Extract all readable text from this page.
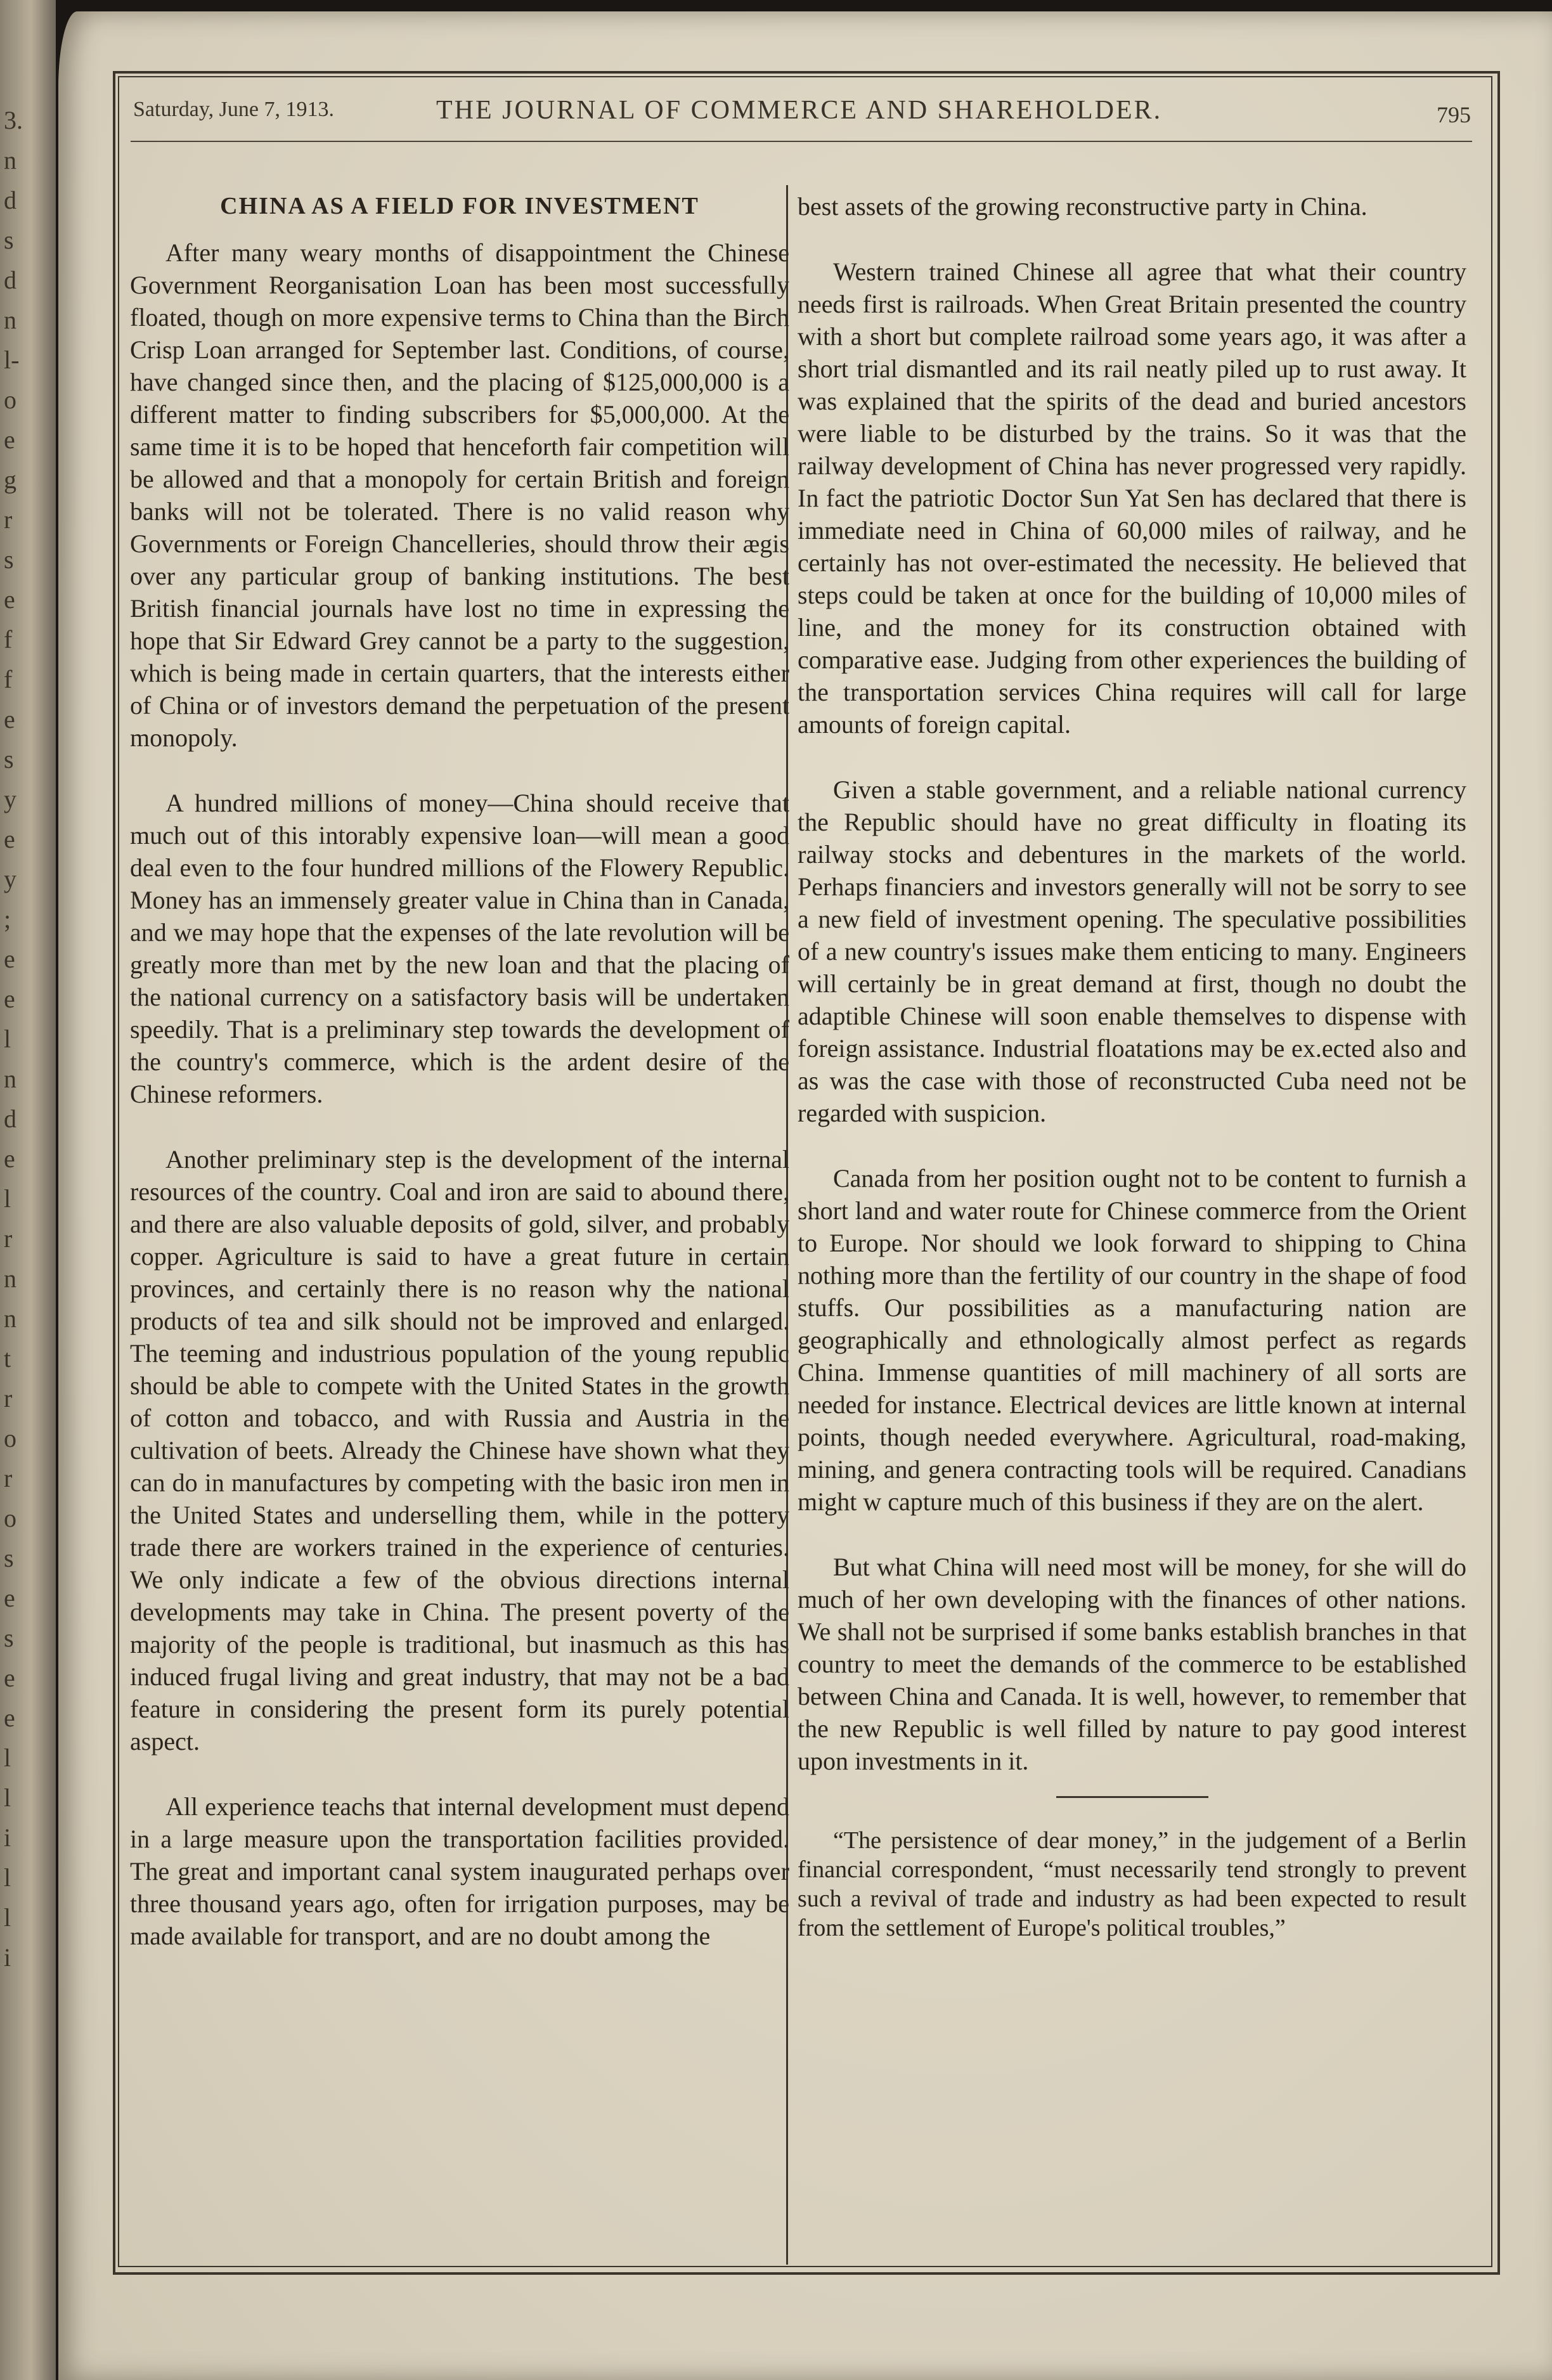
3.
n
d
s
d
n
l-
o
e
g
r
s
e
f
f
e
s
y
e
y
;
e
e
l
n
d
e
l
r
n
n
t
r
o
r
o
s
e
s
e
e
l
l
i
l
l
i
Saturday, June 7, 1913.	THE JOURNAL OF COMMERCE AND SHAREHOLDER.	795
CHINA AS A FIELD FOR INVESTMENT

After many weary months of disappointment the Chinese Government Reorganisation Loan has been most successfully floated, though on more expensive terms to China than the Birch Crisp Loan arranged for September last. Conditions, of course, have changed since then, and the placing of $125,000,000 is a different matter to finding subscribers for $5,000,000. At the same time it is to be hoped that henceforth fair competition will be allowed and that a monopoly for certain British and foreign banks will not be tolerated. There is no valid reason why Governments or Foreign Chancelleries, should throw their ægis over any particular group of banking institutions. The best British financial journals have lost no time in expressing the hope that Sir Edward Grey cannot be a party to the suggestion, which is being made in certain quarters, that the interests either of China or of investors demand the perpetuation of the present monopoly.

A hundred millions of money—China should receive that much out of this intorably expensive loan—will mean a good deal even to the four hundred millions of the Flowery Republic. Money has an immensely greater value in China than in Canada, and we may hope that the expenses of the late revolution will be greatly more than met by the new loan and that the placing of the national currency on a satisfactory basis will be undertaken speedily. That is a preliminary step towards the development of the country's commerce, which is the ardent desire of the Chinese reformers.

Another preliminary step is the development of the internal resources of the country. Coal and iron are said to abound there, and there are also valuable deposits of gold, silver, and probably copper. Agriculture is said to have a great future in certain provinces, and certainly there is no reason why the national products of tea and silk should not be improved and enlarged. The teeming and industrious population of the young republic should be able to compete with the United States in the growth of cotton and tobacco, and with Russia and Austria in the cultivation of beets. Already the Chinese have shown what they can do in manufactures by competing with the basic iron men in the United States and underselling them, while in the pottery trade there are workers trained in the experience of centuries. We only indicate a few of the obvious directions internal developments may take in China. The present poverty of the majority of the people is traditional, but inasmuch as this has induced frugal living and great industry, that may not be a bad feature in considering the present form its purely potential aspect.

All experience teachs that internal development must depend in a large measure upon the transportation facilities provided. The great and important canal system inaugurated perhaps over three thousand years ago, often for irrigation purposes, may be made available for transport, and are no doubt among the

best assets of the growing reconstructive party in China.

Western trained Chinese all agree that what their country needs first is railroads. When Great Britain presented the country with a short but complete railroad some years ago, it was after a short trial dismantled and its rail neatly piled up to rust away. It was explained that the spirits of the dead and buried ancestors were liable to be disturbed by the trains. So it was that the railway development of China has never progressed very rapidly. In fact the patriotic Doctor Sun Yat Sen has declared that there is immediate need in China of 60,000 miles of railway, and he certainly has not over-estimated the necessity. He believed that steps could be taken at once for the building of 10,000 miles of line, and the money for its construction obtained with comparative ease. Judging from other experiences the building of the transportation services China requires will call for large amounts of foreign capital.

Given a stable government, and a reliable national currency the Republic should have no great difficulty in floating its railway stocks and debentures in the markets of the world. Perhaps financiers and investors generally will not be sorry to see a new field of investment opening. The speculative possibilities of a new country's issues make them enticing to many. Engineers will certainly be in great demand at first, though no doubt the adaptible Chinese will soon enable themselves to dispense with foreign assistance. Industrial floatations may be ex.ected also and as was the case with those of reconstructed Cuba need not be regarded with suspicion.

Canada from her position ought not to be content to furnish a short land and water route for Chinese commerce from the Orient to Europe. Nor should we look forward to shipping to China nothing more than the fertility of our country in the shape of food stuffs. Our possibilities as a manufacturing nation are geographically and ethnologically almost perfect as regards China. Immense quantities of mill machinery of all sorts are needed for instance. Electrical devices are little known at internal points, though needed everywhere. Agricultural, road-making, mining, and genera contracting tools will be required. Canadians might w capture much of this business if they are on the alert.

But what China will need most will be money, for she will do much of her own developing with the finances of other nations. We shall not be surprised if some banks establish branches in that country to meet the demands of the commerce to be established between China and Canada. It is well, however, to remember that the new Republic is well filled by nature to pay good interest upon investments in it.

“The persistence of dear money,” in the judgement of a Berlin financial correspondent, “must necessarily tend strongly to prevent such a revival of trade and industry as had been expected to result from the settlement of Europe's political troubles,”
